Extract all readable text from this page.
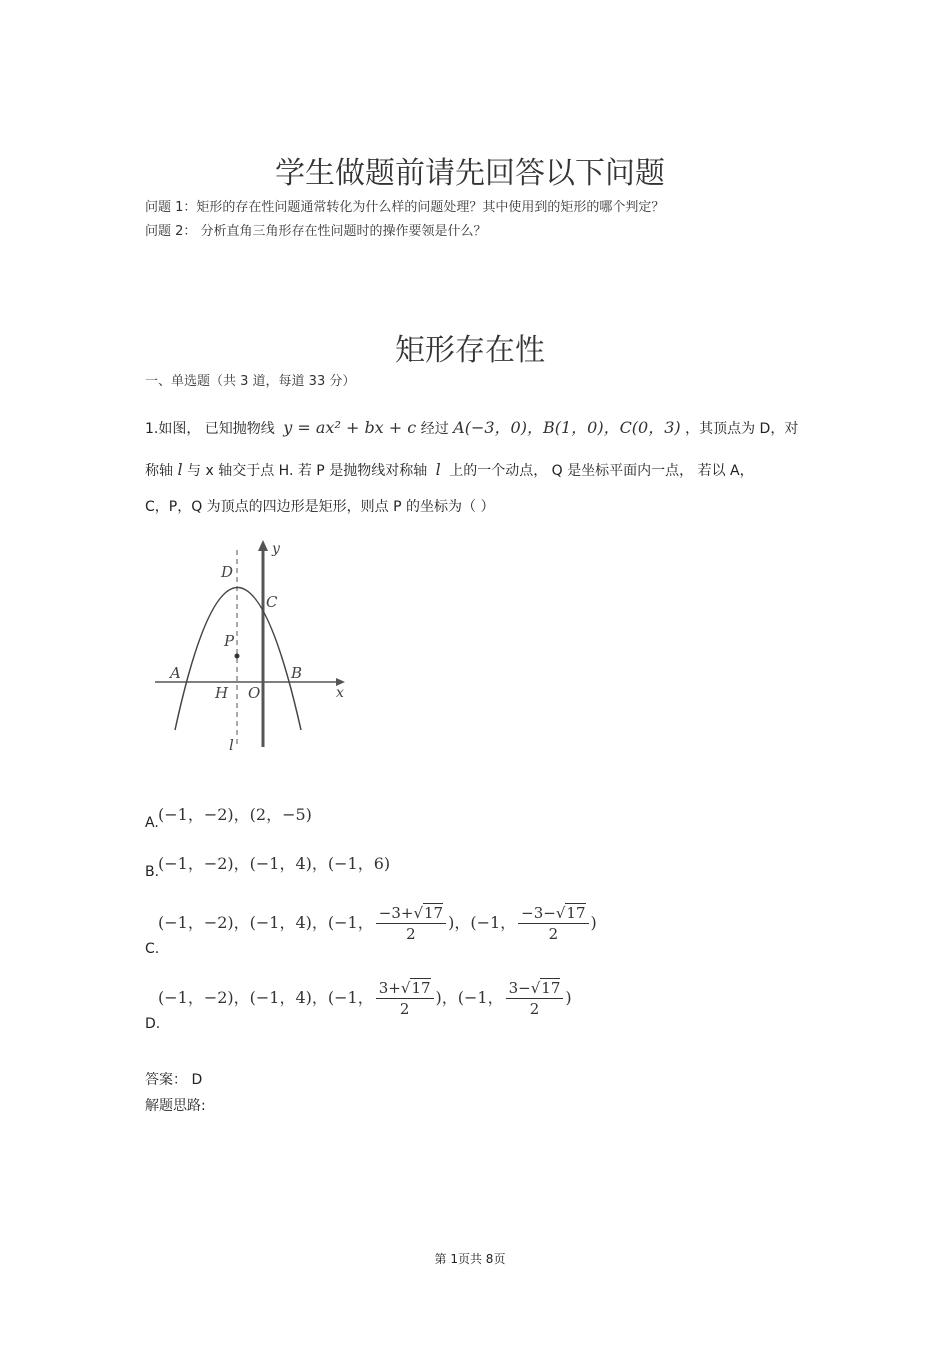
学生做题前请先回答以下问题
问题 1：矩形的存在性问题通常转化为什么样的问题处理？其中使用到的矩形的哪个判定？
问题 2： 分析直角三角形存在性问题时的操作要领是什么？
矩形存在性
一、单选题（共 3 道，每道 33 分）
1.如图， 已知抛物线 y = ax² + bx + c 经过 A(−3，0)，B(1，0)，C(0，3) ，其顶点为 D，对
称轴 l 与 x 轴交于点 H. 若 P 是抛物线对称轴 l 上的一个动点， Q 是坐标平面内一点， 若以 A，
C，P，Q 为顶点的四边形是矩形，则点 P 的坐标为（ ）
y
x
D
C
P
A	B
H O
l
A. (−1，−2)，(2，−5)
B.
(−1，−2)，(−1，4)，(−1，6)
C.
(−1，−2)，(−1，4)，(−1， $\frac{-3+√17}{2}$ )，(−1， $\frac{-3-√17}{2}$ )
D.
(−1，−2)，(−1，4)，(−1， $\frac{3+√17}{2}$ )，(−1， $\frac{3-√17}{2}$ )
答案： D
解题思路:
第 1页共 8页
